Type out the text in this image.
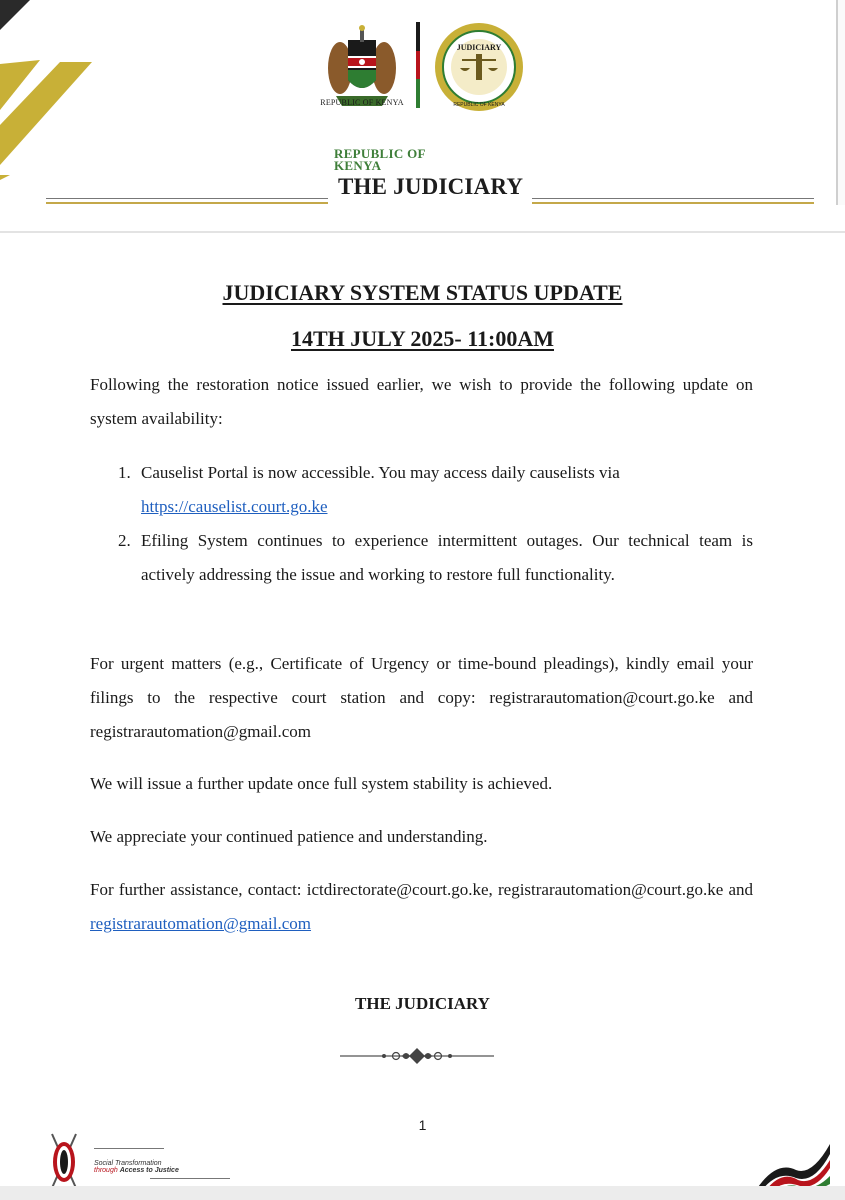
REPUBLIC OF KENYA
JUDICIARY
REPUBLIC OF KENYA
REPUBLIC OF
KENYA
THE JUDICIARY
JUDICIARY SYSTEM STATUS UPDATE
14TH JULY 2025- 11:00AM

Following the restoration notice issued earlier, we wish to provide the following update on system availability:

1. Causelist Portal is now accessible. You may access daily causelists via
https://causelist.court.go.ke
2. Efiling System continues to experience intermittent outages. Our technical team is actively addressing the issue and working to restore full functionality.

For urgent matters (e.g., Certificate of Urgency or time-bound pleadings), kindly email your filings to the respective court station and copy: registrarautomation@court.go.ke and registrarautomation@gmail.com

We will issue a further update once full system stability is achieved.

We appreciate your continued patience and understanding.

For further assistance, contact: ictdirectorate@court.go.ke, registrarautomation@court.go.ke and registrarautomation@gmail.com

THE JUDICIARY
1
Social Transformation
through Access to Justice
